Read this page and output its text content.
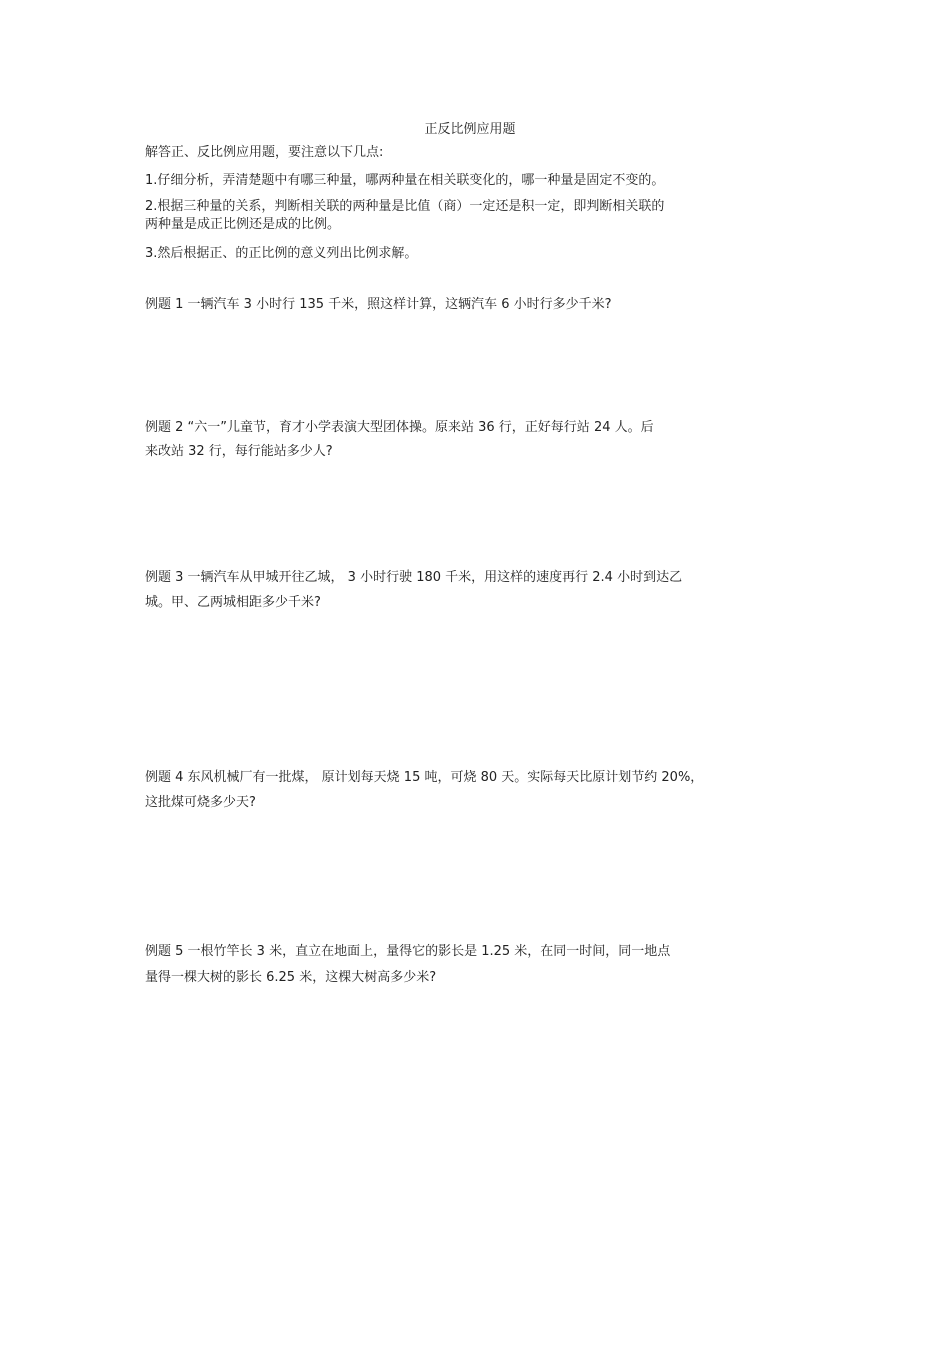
正反比例应用题
解答正、反比例应用题，要注意以下几点:
1.仔细分析，弄清楚题中有哪三种量，哪两种量在相关联变化的，哪一种量是固定不变的。
2.根据三种量的关系，判断相关联的两种量是比值（商）一定还是积一定，即判断相关联的
两种量是成正比例还是成的比例。
3.然后根据正、的正比例的意义列出比例求解。
例题 1 一辆汽车 3 小时行 135 千米，照这样计算，这辆汽车 6 小时行多少千米?
例题 2 “六一”儿童节，育才小学表演大型团体操。原来站 36 行，正好每行站 24 人。后
来改站 32 行，每行能站多少人?
例题 3 一辆汽车从甲城开往乙城， 3 小时行驶 180 千米，用这样的速度再行 2.4 小时到达乙
城。甲、乙两城相距多少千米?
例题 4 东风机械厂有一批煤， 原计划每天烧 15 吨，可烧 80 天。实际每天比原计划节约 20%，
这批煤可烧多少天?
例题 5 一根竹竿长 3 米，直立在地面上，量得它的影长是 1.25 米，在同一时间，同一地点
量得一棵大树的影长 6.25 米，这棵大树高多少米?
